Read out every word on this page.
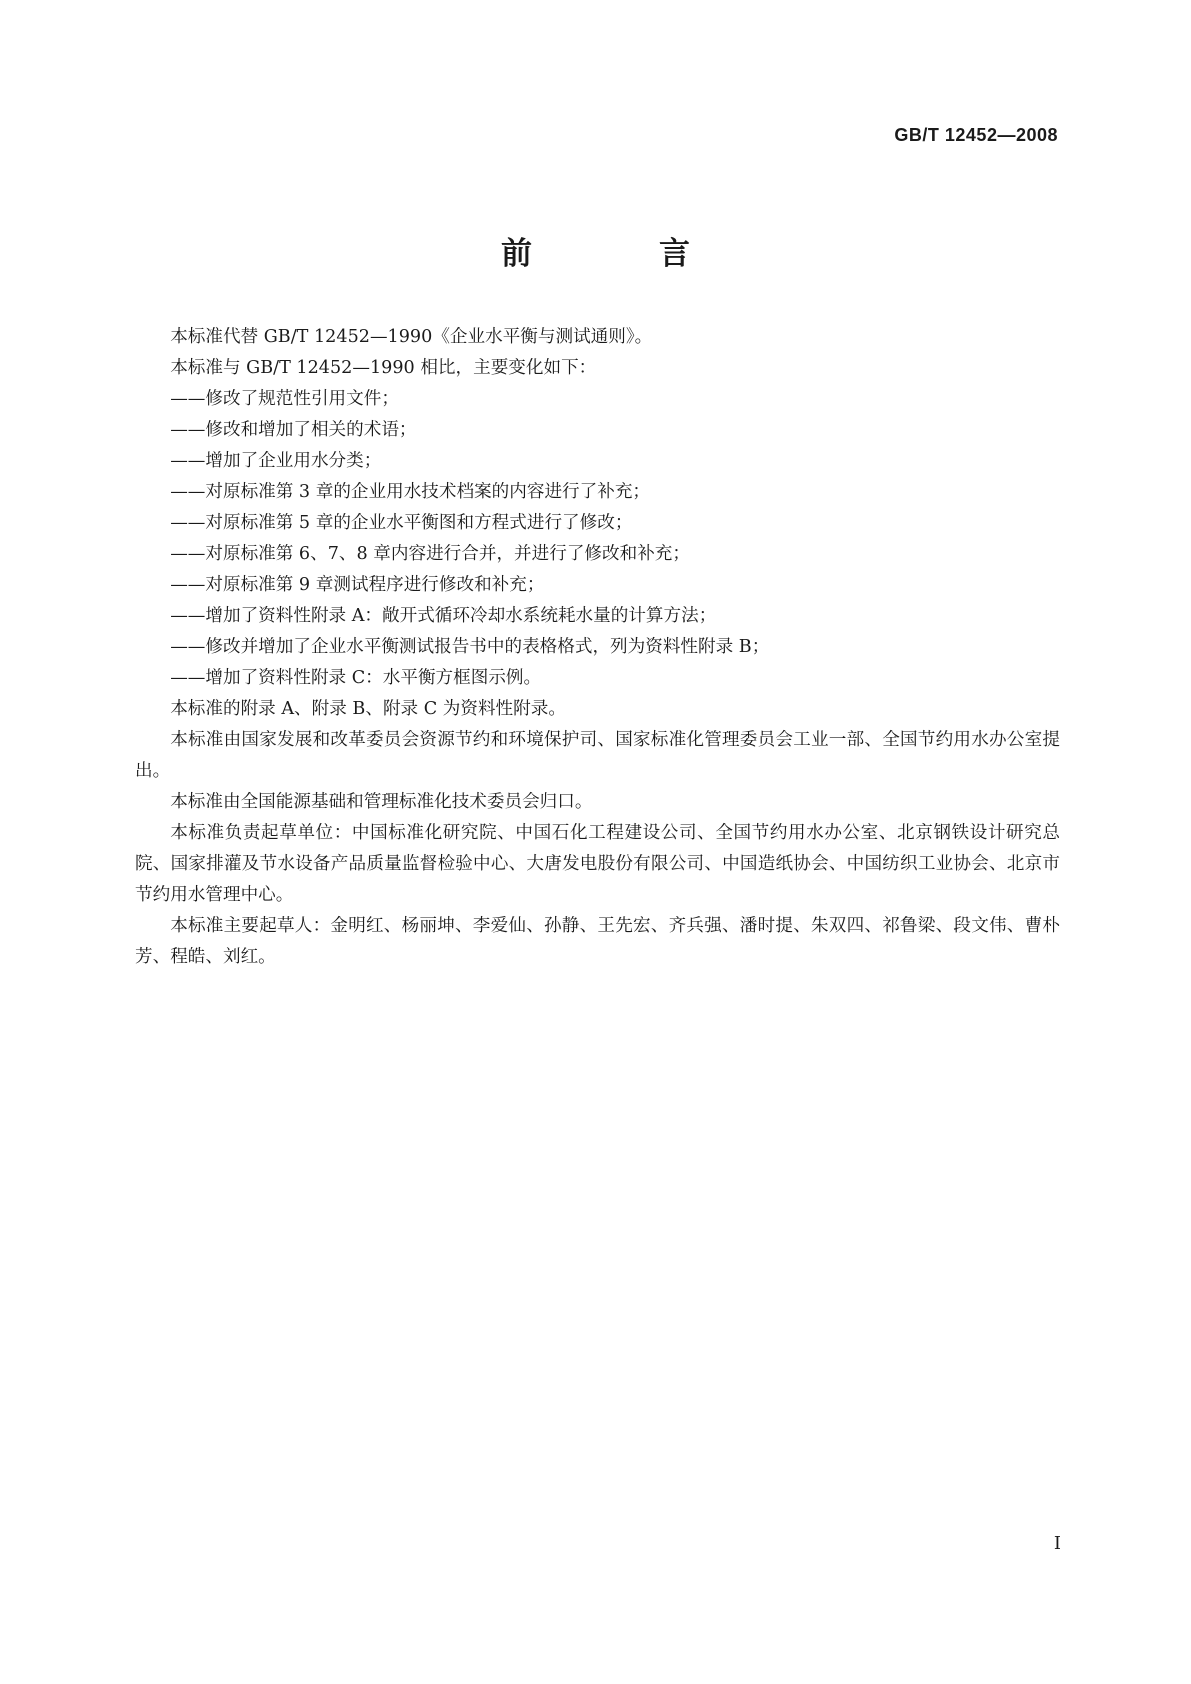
GB/T 12452—2008
前　言

本标准代替 GB/T 12452—1990《企业水平衡与测试通则》。

本标准与 GB/T 12452—1990 相比，主要变化如下：

——修改了规范性引用文件；

——修改和增加了相关的术语；

——增加了企业用水分类；

——对原标准第 3 章的企业用水技术档案的内容进行了补充；

——对原标准第 5 章的企业水平衡图和方程式进行了修改；

——对原标准第 6、7、8 章内容进行合并，并进行了修改和补充；

——对原标准第 9 章测试程序进行修改和补充；

——增加了资料性附录 A：敞开式循环冷却水系统耗水量的计算方法；

——修改并增加了企业水平衡测试报告书中的表格格式，列为资料性附录 B；

——增加了资料性附录 C：水平衡方框图示例。

本标准的附录 A、附录 B、附录 C 为资料性附录。

本标准由国家发展和改革委员会资源节约和环境保护司、国家标准化管理委员会工业一部、全国节约用水办公室提出。

本标准由全国能源基础和管理标准化技术委员会归口。

本标准负责起草单位：中国标准化研究院、中国石化工程建设公司、全国节约用水办公室、北京钢铁设计研究总院、国家排灌及节水设备产品质量监督检验中心、大唐发电股份有限公司、中国造纸协会、中国纺织工业协会、北京市节约用水管理中心。

本标准主要起草人：金明红、杨丽坤、李爱仙、孙静、王先宏、齐兵强、潘时提、朱双四、祁鲁梁、段文伟、曹朴芳、程皓、刘红。

I
